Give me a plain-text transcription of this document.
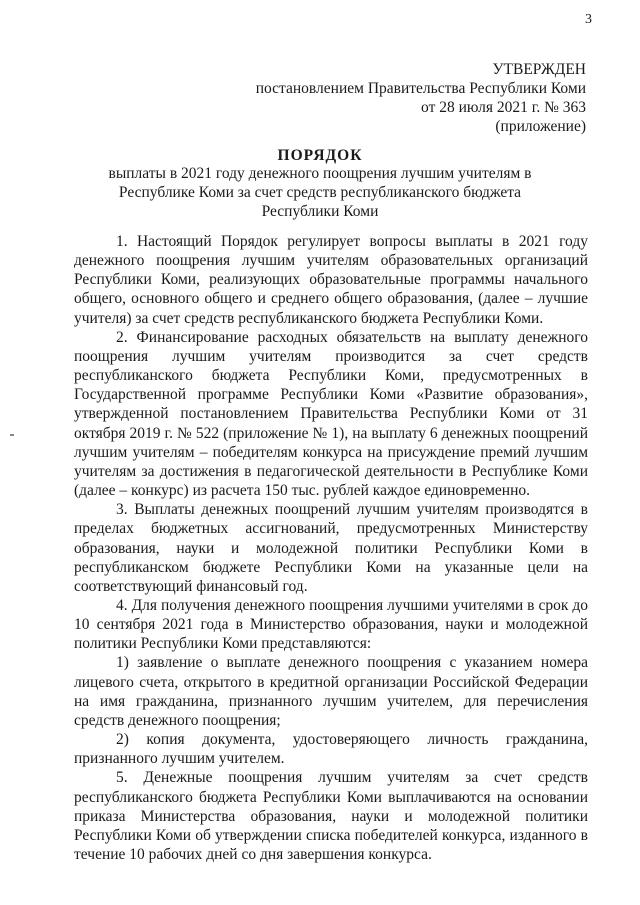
3
УТВЕРЖДЕН
постановлением Правительства Республики Коми
от 28 июля 2021 г. № 363
(приложение)
ПОРЯДОК
выплаты в 2021 году денежного поощрения лучшим учителям в Республике Коми за счет средств республиканского бюджета Республики Коми

1. Настоящий Порядок регулирует вопросы выплаты в 2021 году денежного поощрения лучшим учителям образовательных организаций Республики Коми, реализующих образовательные программы начального общего, основного общего и среднего общего образования, (далее – лучшие учителя) за счет средств республиканского бюджета Республики Коми.

2. Финансирование расходных обязательств на выплату денежного поощрения лучшим учителям производится за счет средств республиканского бюджета Республики Коми, предусмотренных в Государственной программе Республики Коми «Развитие образования», утвержденной постановлением Правительства Республики Коми от 31 октября 2019 г. № 522 (приложение № 1), на выплату 6 денежных поощрений лучшим учителям – победителям конкурса на присуждение премий лучшим учителям за достижения в педагогической деятельности в Республике Коми (далее – конкурс) из расчета 150 тыс. рублей каждое единовременно.

3. Выплаты денежных поощрений лучшим учителям производятся в пределах бюджетных ассигнований, предусмотренных Министерству образования, науки и молодежной политики Республики Коми в республиканском бюджете Республики Коми на указанные цели на соответствующий финансовый год.

4. Для получения денежного поощрения лучшими учителями в срок до 10 сентября 2021 года в Министерство образования, науки и молодежной политики Республики Коми представляются:

1) заявление о выплате денежного поощрения с указанием номера лицевого счета, открытого в кредитной организации Российской Федерации на имя гражданина, признанного лучшим учителем, для перечисления средств денежного поощрения;

2) копия документа, удостоверяющего личность гражданина, признанного лучшим учителем.

5. Денежные поощрения лучшим учителям за счет средств республиканского бюджета Республики Коми выплачиваются на основании приказа Министерства образования, науки и молодежной политики Республики Коми об утверждении списка победителей конкурса, изданного в течение 10 рабочих дней со дня завершения конкурса.
